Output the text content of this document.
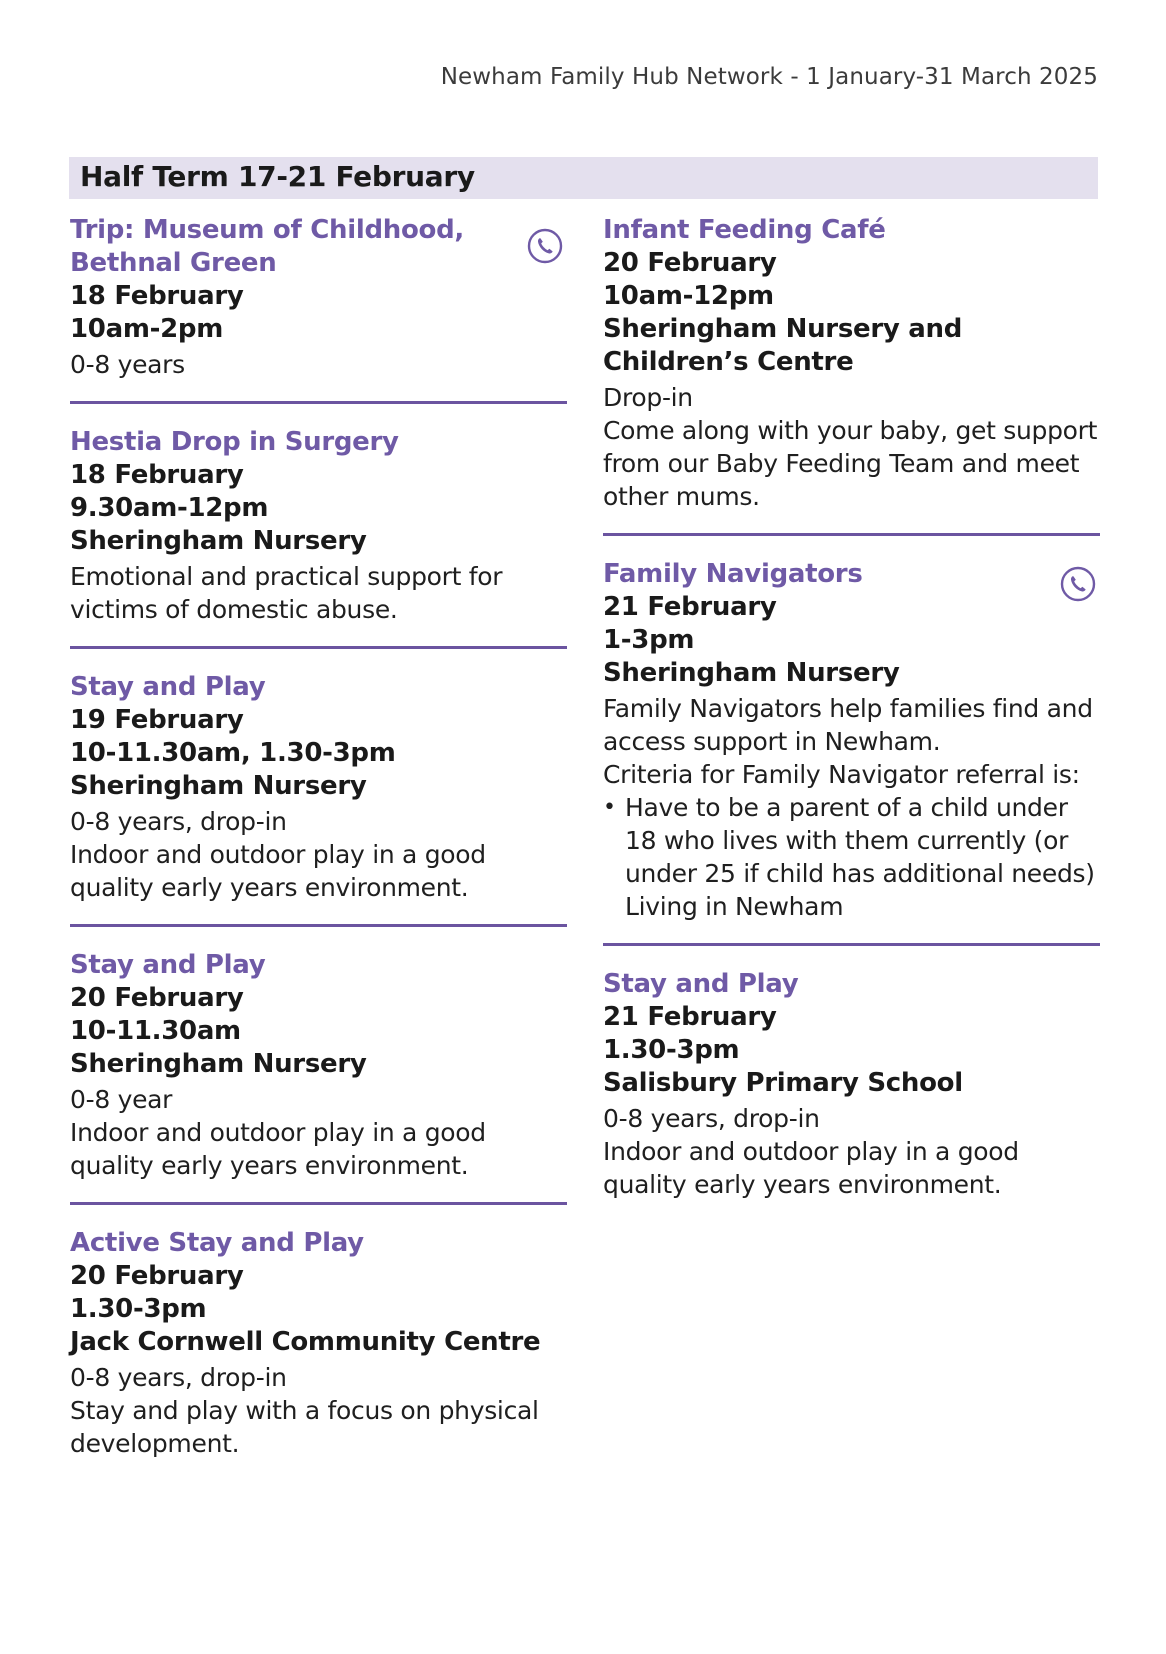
Newham Family Hub Network - 1 January-31 March 2025
Half Term 17-21 February
Trip: Museum of Childhood,
Bethnal Green
18 February
10am-2pm
0-8 years
Hestia Drop in Surgery
18 February
9.30am-12pm
Sheringham Nursery
Emotional and practical support for victims of domestic abuse.
Stay and Play
19 February
10-11.30am, 1.30-3pm
Sheringham Nursery
0-8 years, drop-in
Indoor and outdoor play in a good quality early years environment.
Stay and Play
20 February
10-11.30am
Sheringham Nursery
0-8 year
Indoor and outdoor play in a good quality early years environment.
Active Stay and Play
20 February
1.30-3pm
Jack Cornwell Community Centre
0-8 years, drop-in
Stay and play with a focus on physical development.
Infant Feeding Café
20 February
10am-12pm
Sheringham Nursery and Children’s Centre
Drop-in
Come along with your baby, get support from our Baby Feeding Team and meet other mums.
Family Navigators
21 February
1-3pm
Sheringham Nursery
Family Navigators help families find and access support in Newham.
Criteria for Family Navigator referral is:
• Have to be a parent of a child under 18 who lives with them currently (or under 25 if child has additional needs) Living in Newham
Stay and Play
21 February
1.30-3pm
Salisbury Primary School
0-8 years, drop-in
Indoor and outdoor play in a good quality early years environment.
